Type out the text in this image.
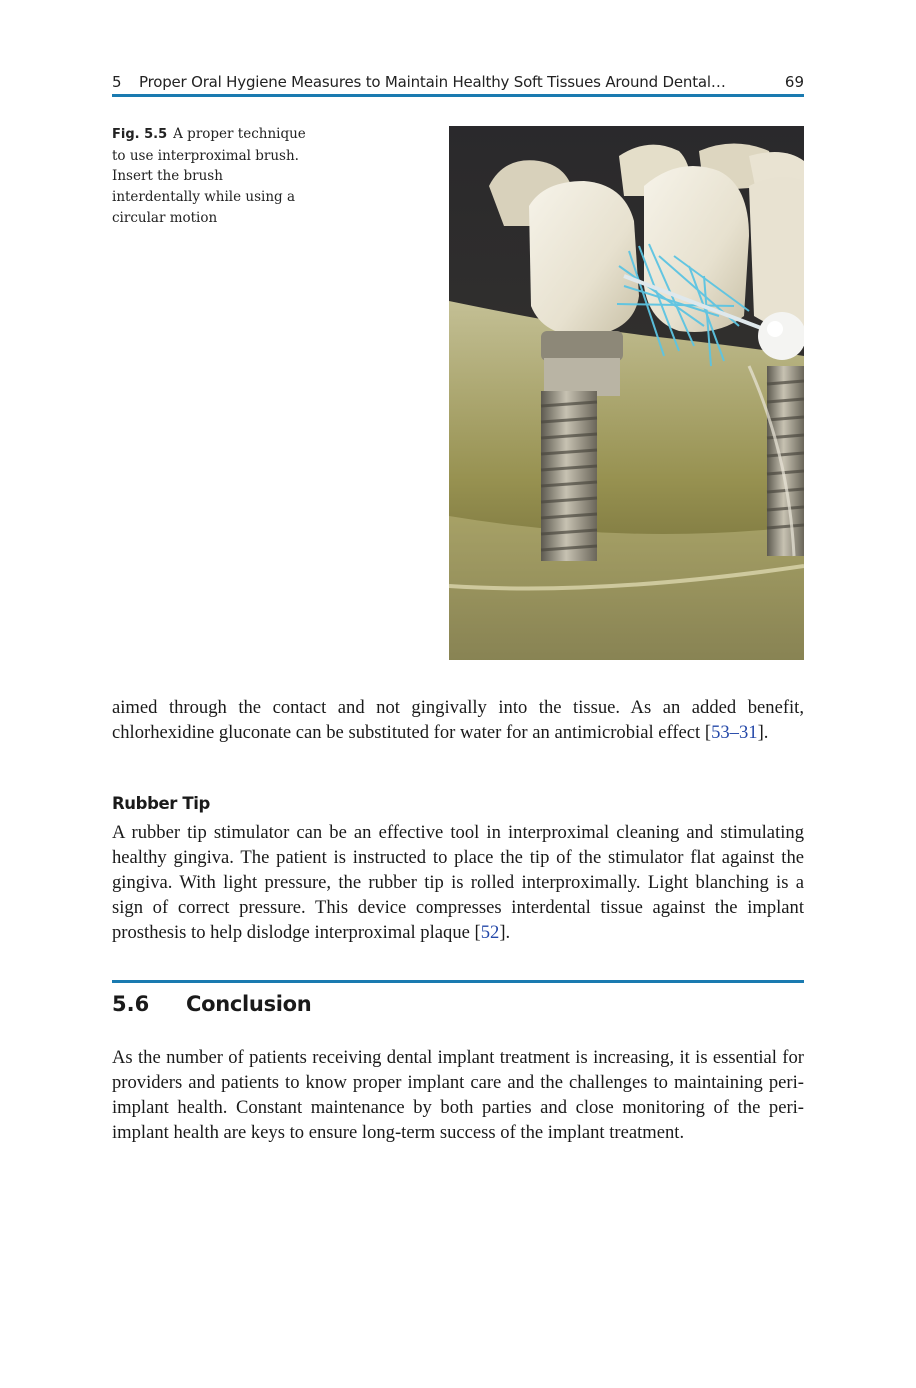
5 Proper Oral Hygiene Measures to Maintain Healthy Soft Tissues Around Dental…	69
Fig. 5.5 A proper technique to use interproximal brush. Insert the brush interdentally while using a circular motion

aimed through the contact and not gingivally into the tissue. As an added benefit, chlorhexidine gluconate can be substituted for water for an antimicrobial effect [53–31].

Rubber Tip

A rubber tip stimulator can be an effective tool in interproximal cleaning and stimulating healthy gingiva. The patient is instructed to place the tip of the stimulator flat against the gingiva. With light pressure, the rubber tip is rolled interproximally. Light blanching is a sign of correct pressure. This device compresses interdental tissue against the implant prosthesis to help dislodge interproximal plaque [52].

5.6 Conclusion

As the number of patients receiving dental implant treatment is increasing, it is essential for providers and patients to know proper implant care and the challenges to maintaining peri-implant health. Constant maintenance by both parties and close monitoring of the peri-implant health are keys to ensure long-term success of the implant treatment.
